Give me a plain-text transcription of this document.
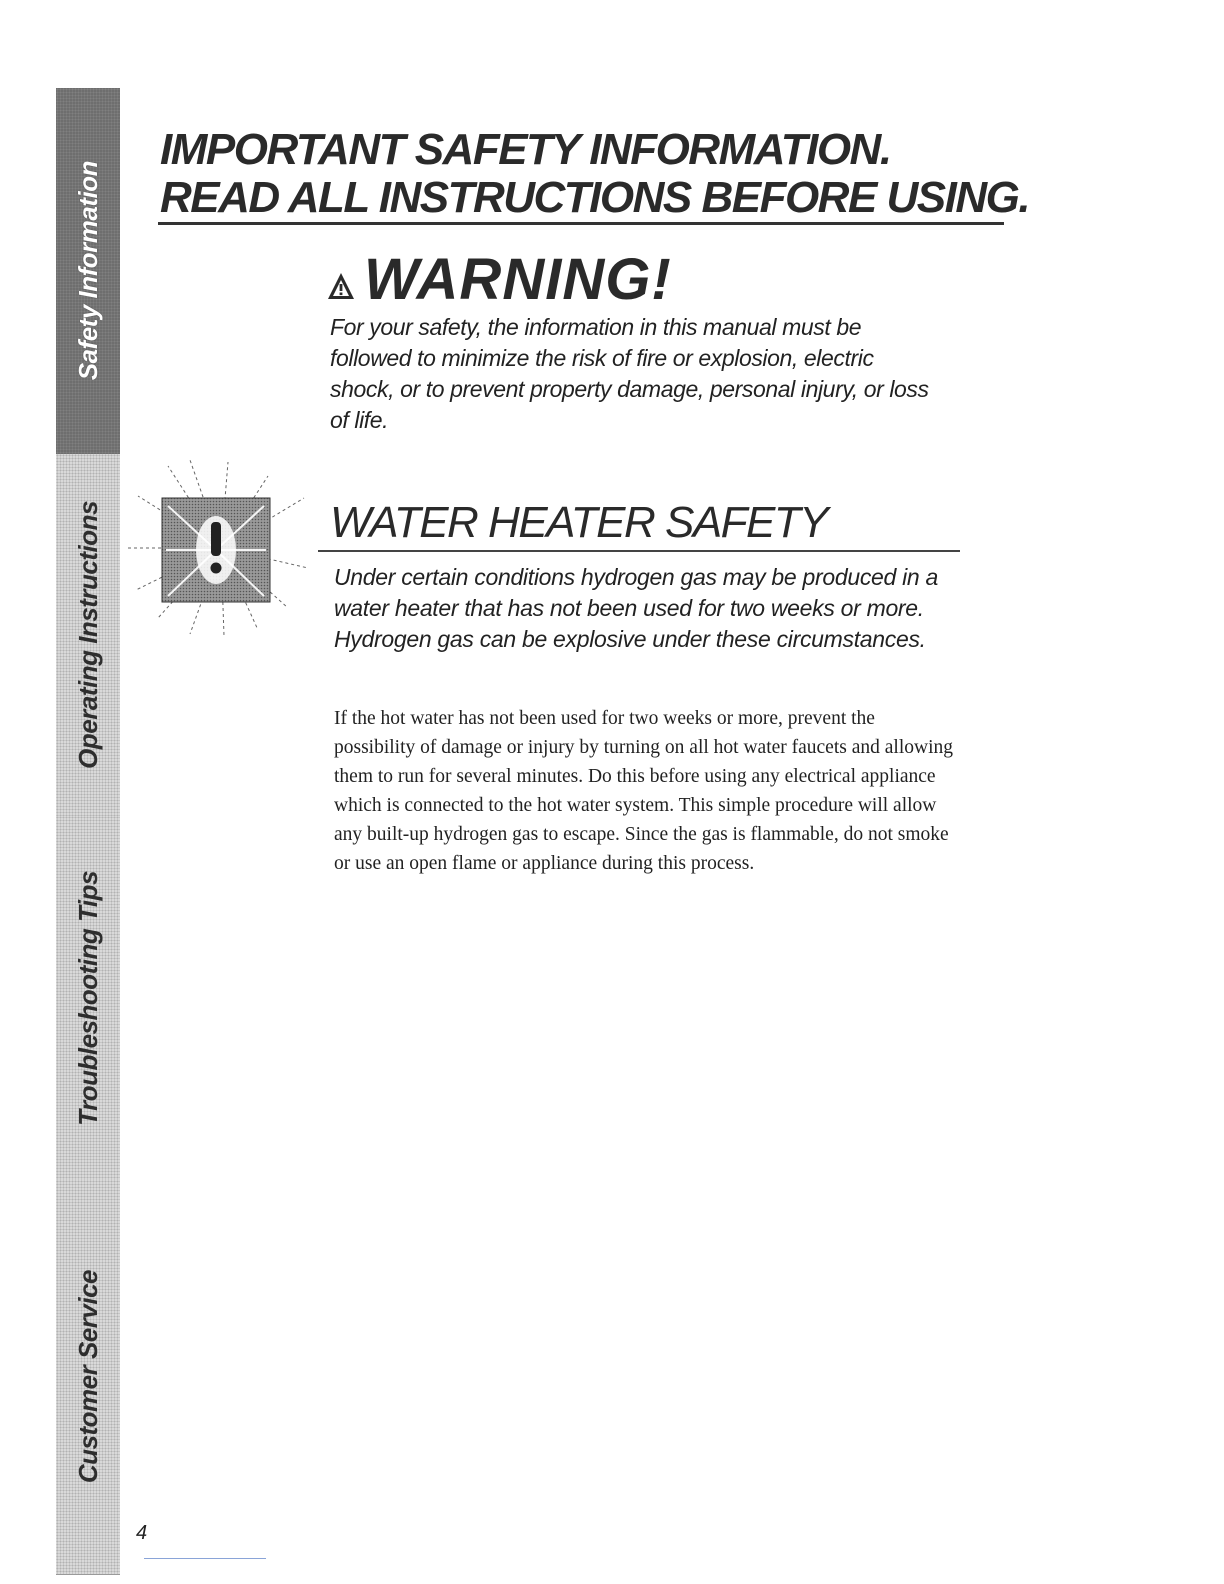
Safety Information
Operating Instructions
Troubleshooting Tips
Customer Service
IMPORTANT SAFETY INFORMATION.
READ ALL INSTRUCTIONS BEFORE USING.
WARNING!
For your safety, the information in this manual must be followed to minimize the risk of fire or explosion, electric shock, or to prevent property damage, personal injury, or loss of life.
WATER HEATER SAFETY
Under certain conditions hydrogen gas may be produced in a water heater that has not been used for two weeks or more. Hydrogen gas can be explosive under these circumstances.
If the hot water has not been used for two weeks or more, prevent the possibility of damage or injury by turning on all hot water faucets and allowing them to run for several minutes. Do this before using any electrical appliance which is connected to the hot water system. This simple procedure will allow any built-up hydrogen gas to escape. Since the gas is flammable, do not smoke or use an open flame or appliance during this process.
4
